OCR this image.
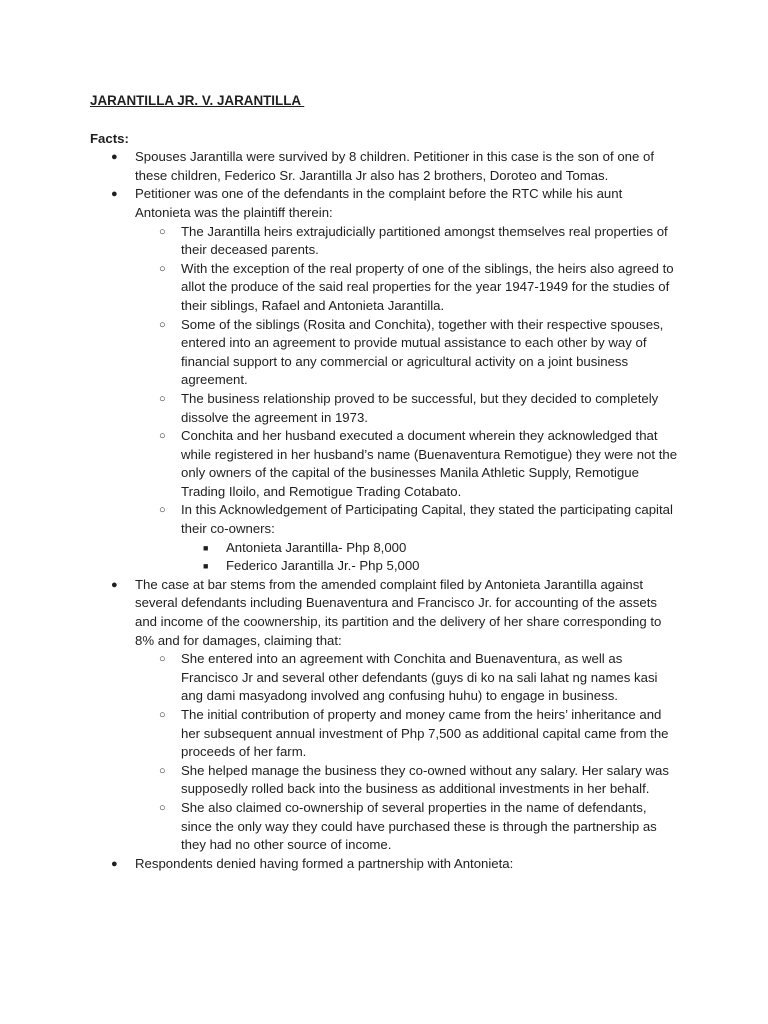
JARANTILLA JR. V. JARANTILLA

Facts:

● Spouses Jarantilla were survived by 8 children. Petitioner in this case is the son of one of these children, Federico Sr. Jarantilla Jr also has 2 brothers, Doroteo and Tomas.
● Petitioner was one of the defendants in the complaint before the RTC while his aunt Antonieta was the plaintiff therein:
○ The Jarantilla heirs extrajudicially partitioned amongst themselves real properties of their deceased parents.
○ With the exception of the real property of one of the siblings, the heirs also agreed to allot the produce of the said real properties for the year 1947-1949 for the studies of their siblings, Rafael and Antonieta Jarantilla.
○ Some of the siblings (Rosita and Conchita), together with their respective spouses, entered into an agreement to provide mutual assistance to each other by way of financial support to any commercial or agricultural activity on a joint business agreement.
○ The business relationship proved to be successful, but they decided to completely dissolve the agreement in 1973.
○ Conchita and her husband executed a document wherein they acknowledged that while registered in her husband’s name (Buenaventura Remotigue) they were not the only owners of the capital of the businesses Manila Athletic Supply, Remotigue Trading Iloilo, and Remotigue Trading Cotabato.
○ In this Acknowledgement of Participating Capital, they stated the participating capital their co-owners:
■ Antonieta Jarantilla- Php 8,000
■ Federico Jarantilla Jr.- Php 5,000
● The case at bar stems from the amended complaint filed by Antonieta Jarantilla against several defendants including Buenaventura and Francisco Jr. for accounting of the assets and income of the coownership, its partition and the delivery of her share corresponding to 8% and for damages, claiming that:
○ She entered into an agreement with Conchita and Buenaventura, as well as Francisco Jr and several other defendants (guys di ko na sali lahat ng names kasi ang dami masyadong involved ang confusing huhu) to engage in business.
○ The initial contribution of property and money came from the heirs’ inheritance and her subsequent annual investment of Php 7,500 as additional capital came from the proceeds of her farm.
○ She helped manage the business they co-owned without any salary. Her salary was supposedly rolled back into the business as additional investments in her behalf.
○ She also claimed co-ownership of several properties in the name of defendants, since the only way they could have purchased these is through the partnership as they had no other source of income.
● Respondents denied having formed a partnership with Antonieta:
